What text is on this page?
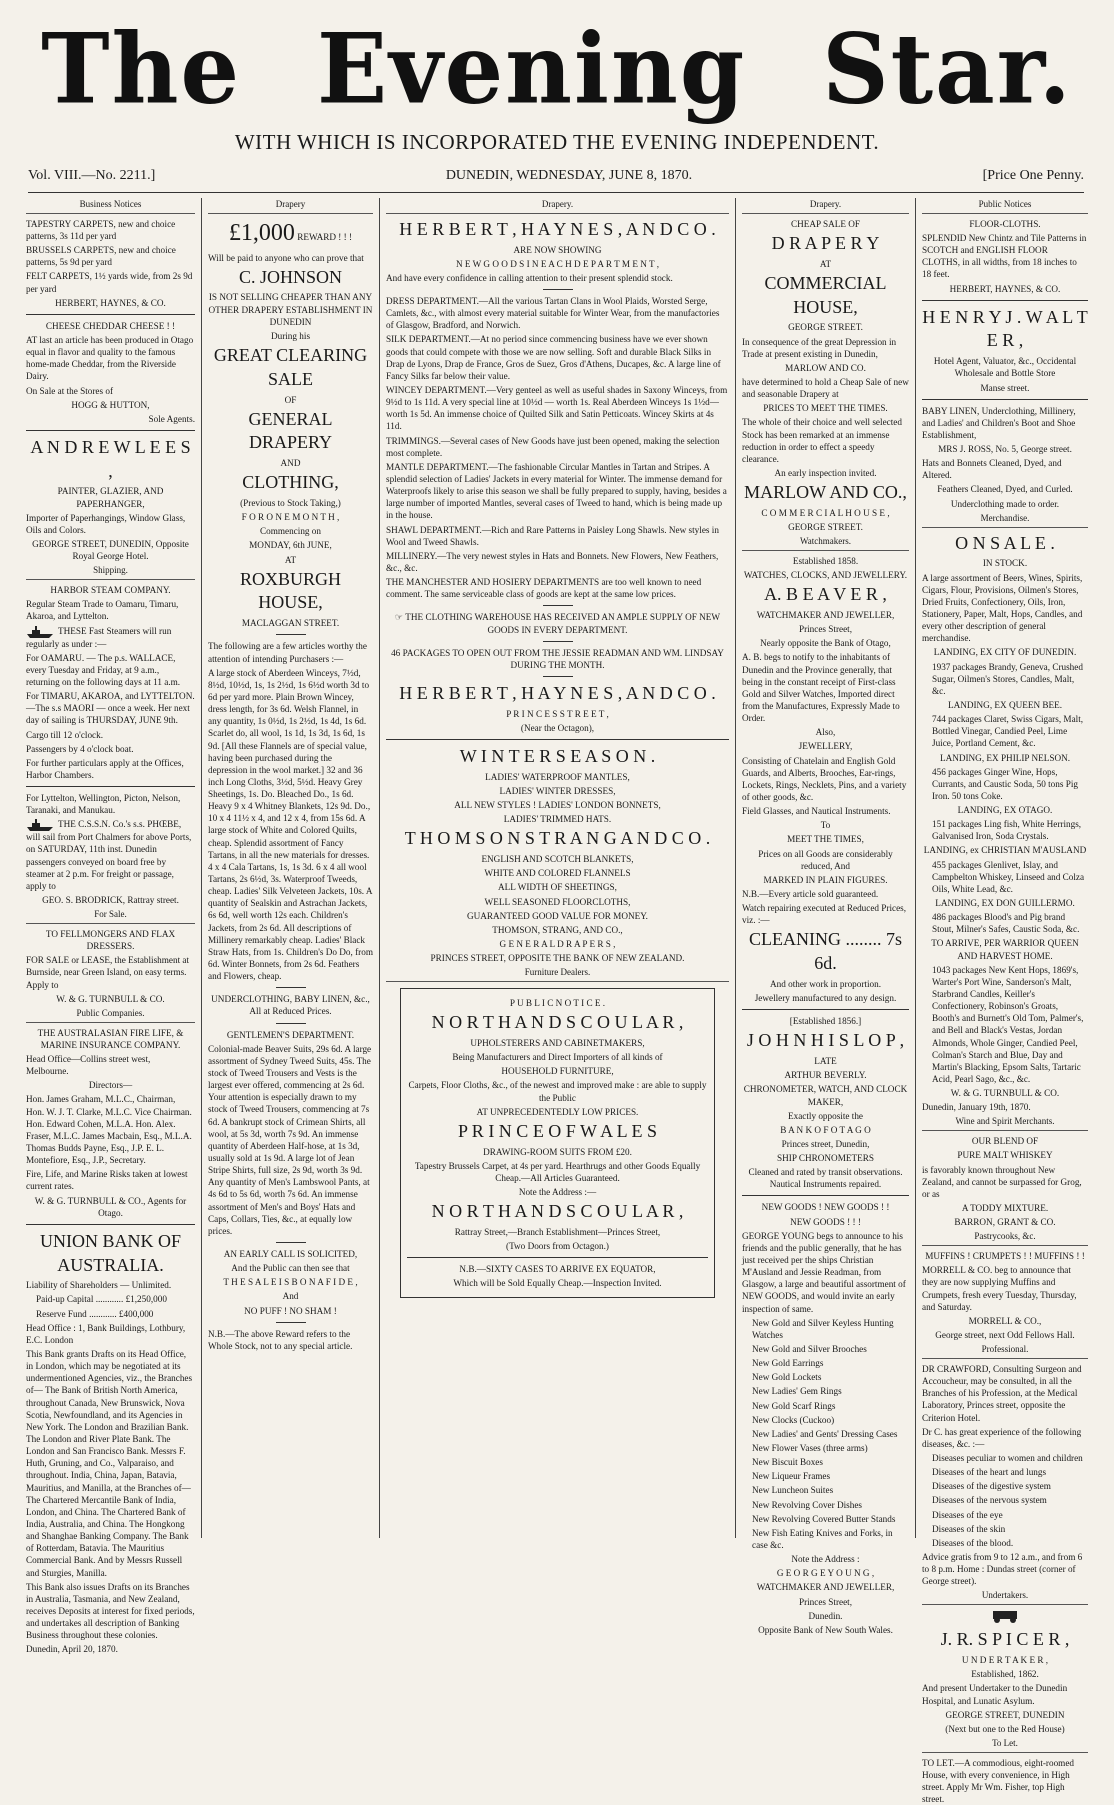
The Evening Star.
WITH WHICH IS INCORPORATED THE EVENING INDEPENDENT.
Vol. VIII.—No. 2211.]	DUNEDIN, WEDNESDAY, JUNE 8, 1870.	[Price One Penny.
Business Notices

TAPESTRY CARPETS, new and choice patterns, 3s 11d per yard

BRUSSELS CARPETS, new and choice patterns, 5s 9d per yard

FELT CARPETS, 1½ yards wide, from 2s 9d per yard

HERBERT, HAYNES, & CO.

CHEESE CHEDDAR CHEESE ! !

AT last an article has been produced in Otago equal in flavor and quality to the famous home-made Cheddar, from the Riverside Dairy.

On Sale at the Stores of

HOGG & HUTTON,

Sole Agents.

A N D R E W L E E S ,

PAINTER, GLAZIER, AND PAPERHANGER,

Importer of Paperhangings, Window Glass, Oils and Colors.

GEORGE STREET, DUNEDIN, Opposite Royal George Hotel.

Shipping.

HARBOR STEAM COMPANY.

Regular Steam Trade to Oamaru, Timaru, Akaroa, and Lyttelton.

THESE Fast Steamers will run regularly as under :—

For OAMARU. — The p.s. WALLACE, every Tuesday and Friday, at 9 a.m., returning on the following days at 11 a.m.

For TIMARU, AKAROA, and LYTTELTON. —The s.s MAORI — once a week. Her next day of sailing is THURSDAY, JUNE 9th.

Cargo till 12 o'clock.

Passengers by 4 o'clock boat.

For further particulars apply at the Offices, Harbor Chambers.

For Lyttelton, Wellington, Picton, Nelson, Taranaki, and Manukau.

THE C.S.S.N. Co.'s s.s. PHŒBE, will sail from Port Chalmers for above Ports, on SATURDAY, 11th inst. Dunedin passengers conveyed on board free by steamer at 2 p.m. For freight or passage, apply to

GEO. S. BRODRICK, Rattray street.

For Sale.

TO FELLMONGERS AND FLAX DRESSERS.

FOR SALE or LEASE, the Establishment at Burnside, near Green Island, on easy terms. Apply to

W. & G. TURNBULL & CO.

Public Companies.

THE AUSTRALASIAN FIRE LIFE, & MARINE INSURANCE COMPANY.

Head Office—Collins street west, Melbourne.

Directors—

Hon. James Graham, M.L.C., Chairman, Hon. W. J. T. Clarke, M.L.C. Vice Chairman. Hon. Edward Cohen, M.L.A. Hon. Alex. Fraser, M.L.C. James Macbain, Esq., M.L.A. Thomas Budds Payne, Esq., J.P. E. L. Montefiore, Esq., J.P., Secretary.

Fire, Life, and Marine Risks taken at lowest current rates.

W. & G. TURNBULL & CO., Agents for Otago.

UNION BANK OF AUSTRALIA.

Liability of Shareholders — Unlimited.

Paid-up Capital ............ £1,250,000

Reserve Fund ............ £400,000

Head Office : 1, Bank Buildings, Lothbury, E.C. London

This Bank grants Drafts on its Head Office, in London, which may be negotiated at its undermentioned Agencies, viz., the Branches of— The Bank of British North America, throughout Canada, New Brunswick, Nova Scotia, Newfoundland, and its Agencies in New York. The London and Brazilian Bank. The London and River Plate Bank. The London and San Francisco Bank. Messrs F. Huth, Gruning, and Co., Valparaiso, and throughout. India, China, Japan, Batavia, Mauritius, and Manilla, at the Branches of— The Chartered Mercantile Bank of India, London, and China. The Chartered Bank of India, Australia, and China. The Hongkong and Shanghae Banking Company. The Bank of Rotterdam, Batavia. The Mauritius Commercial Bank. And by Messrs Russell and Sturgies, Manilla.

This Bank also issues Drafts on its Branches in Australia, Tasmania, and New Zealand, receives Deposits at interest for fixed periods, and undertakes all description of Banking Business throughout these colonies.

Dunedin, April 20, 1870.

Drapery

£1,000 REWARD ! ! !

Will be paid to anyone who can prove that

C. JOHNSON

IS NOT SELLING CHEAPER THAN ANY OTHER DRAPERY ESTABLISHMENT IN DUNEDIN

During his

GREAT CLEARING SALE

OF

GENERAL DRAPERY

AND

CLOTHING,

(Previous to Stock Taking,)

F O R O N E M O N T H ,

Commencing on

MONDAY, 6th JUNE,

AT

ROXBURGH HOUSE,

MACLAGGAN STREET.

The following are a few articles worthy the attention of intending Purchasers :—

A large stock of Aberdeen Winceys, 7½d, 8½d, 10½d, 1s, 1s 2½d, 1s 6½d worth 3d to 6d per yard more. Plain Brown Wincey, dress length, for 3s 6d. Welsh Flannel, in any quantity, 1s 0½d, 1s 2½d, 1s 4d, 1s 6d. Scarlet do, all wool, 1s 1d, 1s 3d, 1s 6d, 1s 9d. [All these Flannels are of special value, having been purchased during the depression in the wool market.] 32 and 36 inch Long Cloths, 3½d, 5½d. Heavy Grey Sheetings, 1s. Do. Bleached Do., 1s 6d. Heavy 9 x 4 Whitney Blankets, 12s 9d. Do., 10 x 4 11½ x 4, and 12 x 4, from 15s 6d. A large stock of White and Colored Quilts, cheap. Splendid assortment of Fancy Tartans, in all the new materials for dresses. 4 x 4 Cala Tartans, 1s, 1s 3d. 6 x 4 all wool Tartans, 2s 6½d, 3s. Waterproof Tweeds, cheap. Ladies' Silk Velveteen Jackets, 10s. A quantity of Sealskin and Astrachan Jackets, 6s 6d, well worth 12s each. Children's Jackets, from 2s 6d. All descriptions of Millinery remarkably cheap. Ladies' Black Straw Hats, from 1s. Children's Do Do, from 6d. Winter Bonnets, from 2s 6d. Feathers and Flowers, cheap.

UNDERCLOTHING, BABY LINEN, &c., All at Reduced Prices.

GENTLEMEN'S DEPARTMENT.

Colonial-made Beaver Suits, 29s 6d. A large assortment of Sydney Tweed Suits, 45s. The stock of Tweed Trousers and Vests is the largest ever offered, commencing at 2s 6d. Your attention is especially drawn to my stock of Tweed Trousers, commencing at 7s 6d. A bankrupt stock of Crimean Shirts, all wool, at 5s 3d, worth 7s 9d. An immense quantity of Aberdeen Half-hose, at 1s 3d, usually sold at 1s 9d. A large lot of Jean Stripe Shirts, full size, 2s 9d, worth 3s 9d. Any quantity of Men's Lambswool Pants, at 4s 6d to 5s 6d, worth 7s 6d. An immense assortment of Men's and Boys' Hats and Caps, Collars, Ties, &c., at equally low prices.

AN EARLY CALL IS SOLICITED,

And the Public can then see that

T H E S A L E I S B O N A F I D E ,

And

NO PUFF ! NO SHAM !

N.B.—The above Reward refers to the Whole Stock, not to any special article.

Drapery.

H E R B E R T , H A Y N E S , A N D C O .

ARE NOW SHOWING

N E W G O O D S I N E A C H D E P A R T M E N T ,

And have every confidence in calling attention to their present splendid stock.

DRESS DEPARTMENT.—All the various Tartan Clans in Wool Plaids, Worsted Serge, Camlets, &c., with almost every material suitable for Winter Wear, from the manufactories of Glasgow, Bradford, and Norwich.

SILK DEPARTMENT.—At no period since commencing business have we ever shown goods that could compete with those we are now selling. Soft and durable Black Silks in Drap de Lyons, Drap de France, Gros de Suez, Gros d'Athens, Ducapes, &c. A large line of Fancy Silks far below their value.

WINCEY DEPARTMENT.—Very genteel as well as useful shades in Saxony Winceys, from 9½d to 1s 11d. A very special line at 10½d — worth 1s. Real Aberdeen Winceys 1s 1½d—worth 1s 5d. An immense choice of Quilted Silk and Satin Petticoats. Wincey Skirts at 4s 11d.

TRIMMINGS.—Several cases of New Goods have just been opened, making the selection most complete.

MANTLE DEPARTMENT.—The fashionable Circular Mantles in Tartan and Stripes. A splendid selection of Ladies' Jackets in every material for Winter. The immense demand for Waterproofs likely to arise this season we shall be fully prepared to supply, having, besides a large number of imported Mantles, several cases of Tweed to hand, which is being made up in the house.

SHAWL DEPARTMENT.—Rich and Rare Patterns in Paisley Long Shawls. New styles in Wool and Tweed Shawls.

MILLINERY.—The very newest styles in Hats and Bonnets. New Flowers, New Feathers, &c., &c.

THE MANCHESTER AND HOSIERY DEPARTMENTS are too well known to need comment. The same serviceable class of goods are kept at the same low prices.

☞ THE CLOTHING WAREHOUSE HAS RECEIVED AN AMPLE SUPPLY OF NEW GOODS IN EVERY DEPARTMENT.

46 PACKAGES TO OPEN OUT FROM THE JESSIE READMAN AND WM. LINDSAY DURING THE MONTH.

H E R B E R T , H A Y N E S , A N D C O .

P R I N C E S S T R E E T ,

(Near the Octagon),

W I N T E R S E A S O N .

LADIES' WATERPROOF MANTLES,

LADIES' WINTER DRESSES,

ALL NEW STYLES ! LADIES' LONDON BONNETS,

LADIES' TRIMMED HATS.

T H O M S O N S T R A N G A N D C O .

ENGLISH AND SCOTCH BLANKETS,

WHITE AND COLORED FLANNELS

ALL WIDTH OF SHEETINGS,

WELL SEASONED FLOORCLOTHS,

GUARANTEED GOOD VALUE FOR MONEY.

THOMSON, STRANG, AND CO.,

G E N E R A L D R A P E R S ,

PRINCES STREET, OPPOSITE THE BANK OF NEW ZEALAND.

Furniture Dealers.

P U B L I C N O T I C E .

N O R T H A N D S C O U L A R ,

UPHOLSTERERS AND CABINETMAKERS,

Being Manufacturers and Direct Importers of all kinds of

HOUSEHOLD FURNITURE,

Carpets, Floor Cloths, &c., of the newest and improved make : are able to supply the Public

AT UNPRECEDENTEDLY LOW PRICES.

P R I N C E O F W A L E S

DRAWING-ROOM SUITS FROM £20.

Tapestry Brussels Carpet, at 4s per yard. Hearthrugs and other Goods Equally Cheap.—All Articles Guaranteed.

Note the Address :—

N O R T H A N D S C O U L A R ,

Rattray Street,—Branch Establishment—Princes Street,

(Two Doors from Octagon.)

N.B.—SIXTY CASES TO ARRIVE EX EQUATOR,

Which will be Sold Equally Cheap.—Inspection Invited.

Drapery.

CHEAP SALE OF

D R A P E R Y

AT

COMMERCIAL HOUSE,

GEORGE STREET.

In consequence of the great Depression in Trade at present existing in Dunedin,

MARLOW AND CO.

have determined to hold a Cheap Sale of new and seasonable Drapery at

PRICES TO MEET THE TIMES.

The whole of their choice and well selected Stock has been remarked at an immense reduction in order to effect a speedy clearance.

An early inspection invited.

MARLOW AND CO.,

C O M M E R C I A L H O U S E ,

GEORGE STREET.

Watchmakers.

Established 1858.

WATCHES, CLOCKS, AND JEWELLERY.

A. B E A V E R ,

WATCHMAKER AND JEWELLER,

Princes Street,

Nearly opposite the Bank of Otago,

A. B. begs to notify to the inhabitants of Dunedin and the Province generally, that being in the constant receipt of First-class Gold and Silver Watches, Imported direct from the Manufactures, Expressly Made to Order.

Also,

JEWELLERY,

Consisting of Chatelain and English Gold Guards, and Alberts, Brooches, Ear-rings, Lockets, Rings, Necklets, Pins, and a variety of other goods, &c.

Field Glasses, and Nautical Instruments.

To

MEET THE TIMES,

Prices on all Goods are considerably reduced, And

MARKED IN PLAIN FIGURES.

N.B.—Every article sold guaranteed.

Watch repairing executed at Reduced Prices, viz. :—

CLEANING ........ 7s 6d.

And other work in proportion.

Jewellery manufactured to any design.

[Established 1856.]

J O H N H I S L O P ,

LATE

ARTHUR BEVERLY.

CHRONOMETER, WATCH, AND CLOCK MAKER,

Exactly opposite the

B A N K O F O T A G O

Princes street, Dunedin,

SHIP CHRONOMETERS

Cleaned and rated by transit observations. Nautical Instruments repaired.

NEW GOODS ! NEW GOODS ! !

NEW GOODS ! ! !

GEORGE YOUNG begs to announce to his friends and the public generally, that he has just received per the ships Christian M'Ausland and Jessie Readman, from Glasgow, a large and beautiful assortment of NEW GOODS, and would invite an early inspection of same.

New Gold and Silver Keyless Hunting Watches

New Gold and Silver Brooches

New Gold Earrings

New Gold Lockets

New Ladies' Gem Rings

New Gold Scarf Rings

New Clocks (Cuckoo)

New Ladies' and Gents' Dressing Cases

New Flower Vases (three arms)

New Biscuit Boxes

New Liqueur Frames

New Luncheon Suites

New Revolving Cover Dishes

New Revolving Covered Butter Stands

New Fish Eating Knives and Forks, in case &c.

Note the Address :

G E O R G E Y O U N G ,

WATCHMAKER AND JEWELLER,

Princes Street,

Dunedin.

Opposite Bank of New South Wales.

Public Notices

FLOOR-CLOTHS.

SPLENDID New Chintz and Tile Patterns in SCOTCH and ENGLISH FLOOR CLOTHS, in all widths, from 18 inches to 18 feet.

HERBERT, HAYNES, & CO.

H E N R Y J . W A L T E R ,

Hotel Agent, Valuator, &c., Occidental Wholesale and Bottle Store

Manse street.

BABY LINEN, Underclothing, Millinery, and Ladies' and Children's Boot and Shoe Establishment,

MRS J. ROSS, No. 5, George street.

Hats and Bonnets Cleaned, Dyed, and Altered.

Feathers Cleaned, Dyed, and Curled.

Underclothing made to order.

Merchandise.

O N S A L E .

IN STOCK.

A large assortment of Beers, Wines, Spirits, Cigars, Flour, Provisions, Oilmen's Stores, Dried Fruits, Confectionery, Oils, Iron, Stationery, Paper, Malt, Hops, Candles, and every other description of general merchandise.

LANDING, EX CITY OF DUNEDIN.

1937 packages Brandy, Geneva, Crushed Sugar, Oilmen's Stores, Candles, Malt, &c.

LANDING, EX QUEEN BEE.

744 packages Claret, Swiss Cigars, Malt, Bottled Vinegar, Candied Peel, Lime Juice, Portland Cement, &c.

LANDING, EX PHILIP NELSON.

456 packages Ginger Wine, Hops, Currants, and Caustic Soda, 50 tons Pig Iron. 50 tons Coke.

LANDING, EX OTAGO.

151 packages Ling fish, White Herrings, Galvanised Iron, Soda Crystals.

LANDING, ex CHRISTIAN M'AUSLAND

455 packages Glenlivet, Islay, and Campbelton Whiskey, Linseed and Colza Oils, White Lead, &c.

LANDING, EX DON GUILLERMO.

486 packages Blood's and Pig brand Stout, Milner's Safes, Caustic Soda, &c.

TO ARRIVE, PER WARRIOR QUEEN AND HARVEST HOME.

1043 packages New Kent Hops, 1869's, Warter's Port Wine, Sanderson's Malt, Starbrand Candles, Keiller's Confectionery, Robinson's Groats, Booth's and Burnett's Old Tom, Palmer's, and Bell and Black's Vestas, Jordan Almonds, Whole Ginger, Candied Peel, Colman's Starch and Blue, Day and Martin's Blacking, Epsom Salts, Tartaric Acid, Pearl Sago, &c., &c.

W. & G. TURNBULL & CO.

Dunedin, January 19th, 1870.

Wine and Spirit Merchants.

OUR BLEND OF

PURE MALT WHISKEY

is favorably known throughout New Zealand, and cannot be surpassed for Grog, or as

A TODDY MIXTURE.

BARRON, GRANT & CO.

Pastrycooks, &c.

MUFFINS ! CRUMPETS ! ! MUFFINS ! !

MORRELL & CO. beg to announce that they are now supplying Muffins and Crumpets, fresh every Tuesday, Thursday, and Saturday.

MORRELL & CO.,

George street, next Odd Fellows Hall.

Professional.

DR CRAWFORD, Consulting Surgeon and Accoucheur, may be consulted, in all the Branches of his Profession, at the Medical Laboratory, Princes street, opposite the Criterion Hotel.

Dr C. has great experience of the following diseases, &c. :—

Diseases peculiar to women and children

Diseases of the heart and lungs

Diseases of the digestive system

Diseases of the nervous system

Diseases of the eye

Diseases of the skin

Diseases of the blood.

Advice gratis from 9 to 12 a.m., and from 6 to 8 p.m. Home : Dundas street (corner of George street).

Undertakers.

J. R. S P I C E R ,

U N D E R T A K E R ,

Established, 1862.

And present Undertaker to the Dunedin Hospital, and Lunatic Asylum.

GEORGE STREET, DUNEDIN

(Next but one to the Red House)

To Let.

TO LET.—A commodious, eight-roomed House, with every convenience, in High street. Apply Mr Wm. Fisher, top High street.
